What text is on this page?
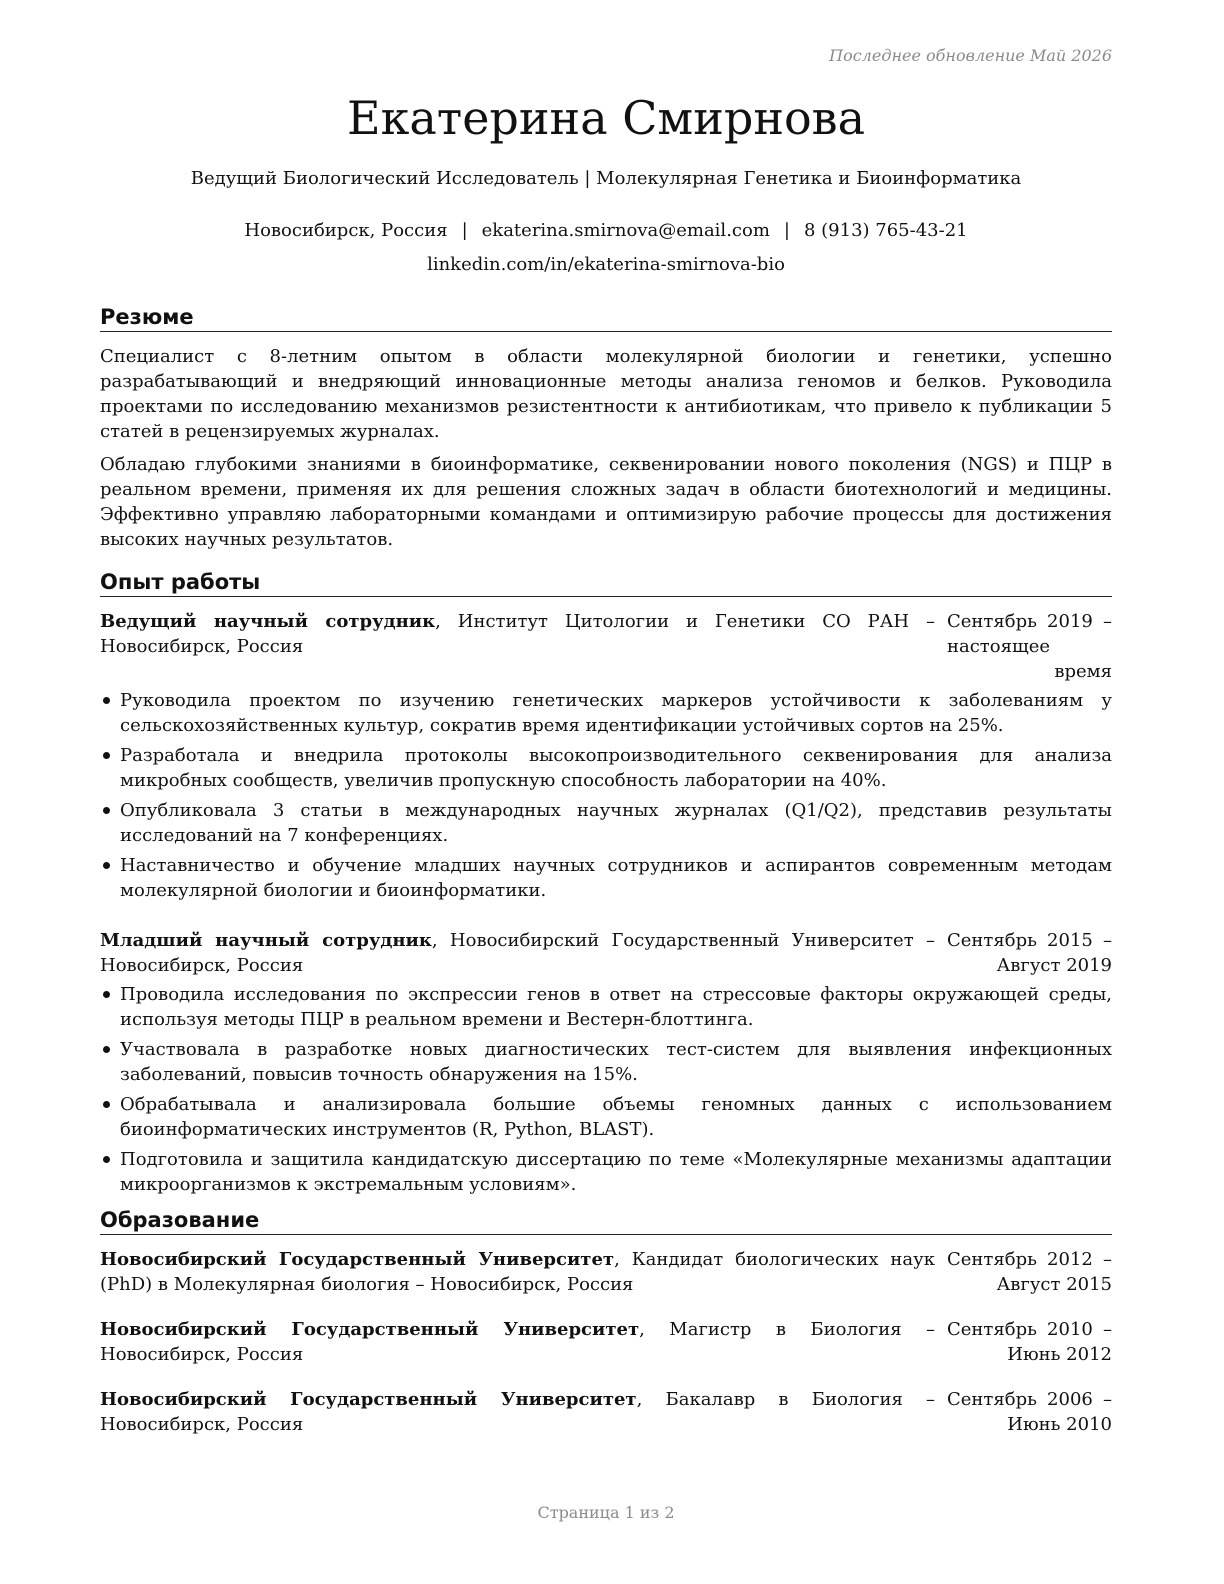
Последнее обновление Май 2026
Екатерина Смирнова
Ведущий Биологический Исследователь | Молекулярная Генетика и Биоинформатика
Новосибирск, Россия | ekaterina.smirnova@email.com | 8 (913) 765-43-21
linkedin.com/in/ekaterina-smirnova-bio
Резюме

Специалист с 8-летним опытом в области молекулярной биологии и генетики, успешно разрабатывающий и внедряющий инновационные методы анализа геномов и белков. Руководила проектами по исследованию механизмов резистентности к антибиотикам, что привело к публикации 5 статей в рецензируемых журналах.

Обладаю глубокими знаниями в биоинформатике, секвенировании нового поколения (NGS) и ПЦР в реальном времени, применяя их для решения сложных задач в области биотехнологий и медицины. Эффективно управляю лабораторными командами и оптимизирую рабочие процессы для достижения высоких научных результатов.

Опыт работы
Ведущий научный сотрудник, Институт Цитологии и Генетики СО РАН – Новосибирск, Россия
Сентябрь 2019 – настоящее время
Руководила проектом по изучению генетических маркеров устойчивости к заболеваниям у сельскохозяйственных культур, сократив время идентификации устойчивых сортов на 25%.
Разработала и внедрила протоколы высокопроизводительного секвенирования для анализа микробных сообществ, увеличив пропускную способность лаборатории на 40%.
Опубликовала 3 статьи в международных научных журналах (Q1/Q2), представив результаты исследований на 7 конференциях.
Наставничество и обучение младших научных сотрудников и аспирантов современным методам молекулярной биологии и биоинформатики.
Младший научный сотрудник, Новосибирский Государственный Университет – Новосибирск, Россия
Сентябрь 2015 – Август 2019
Проводила исследования по экспрессии генов в ответ на стрессовые факторы окружающей среды, используя методы ПЦР в реальном времени и Вестерн-блоттинга.
Участвовала в разработке новых диагностических тест-систем для выявления инфекционных заболеваний, повысив точность обнаружения на 15%.
Обрабатывала и анализировала большие объемы геномных данных с использованием биоинформатических инструментов (R, Python, BLAST).
Подготовила и защитила кандидатскую диссертацию по теме «Молекулярные механизмы адаптации микроорганизмов к экстремальным условиям».
Образование
Новосибирский Государственный Университет, Кандидат биологических наук (PhD) в Молекулярная биология – Новосибирск, Россия
Сентябрь 2012 – Август 2015
Новосибирский Государственный Университет, Магистр в Биология – Новосибирск, Россия
Сентябрь 2010 – Июнь 2012
Новосибирский Государственный Университет, Бакалавр в Биология – Новосибирск, Россия
Сентябрь 2006 – Июнь 2010
Страница 1 из 2
